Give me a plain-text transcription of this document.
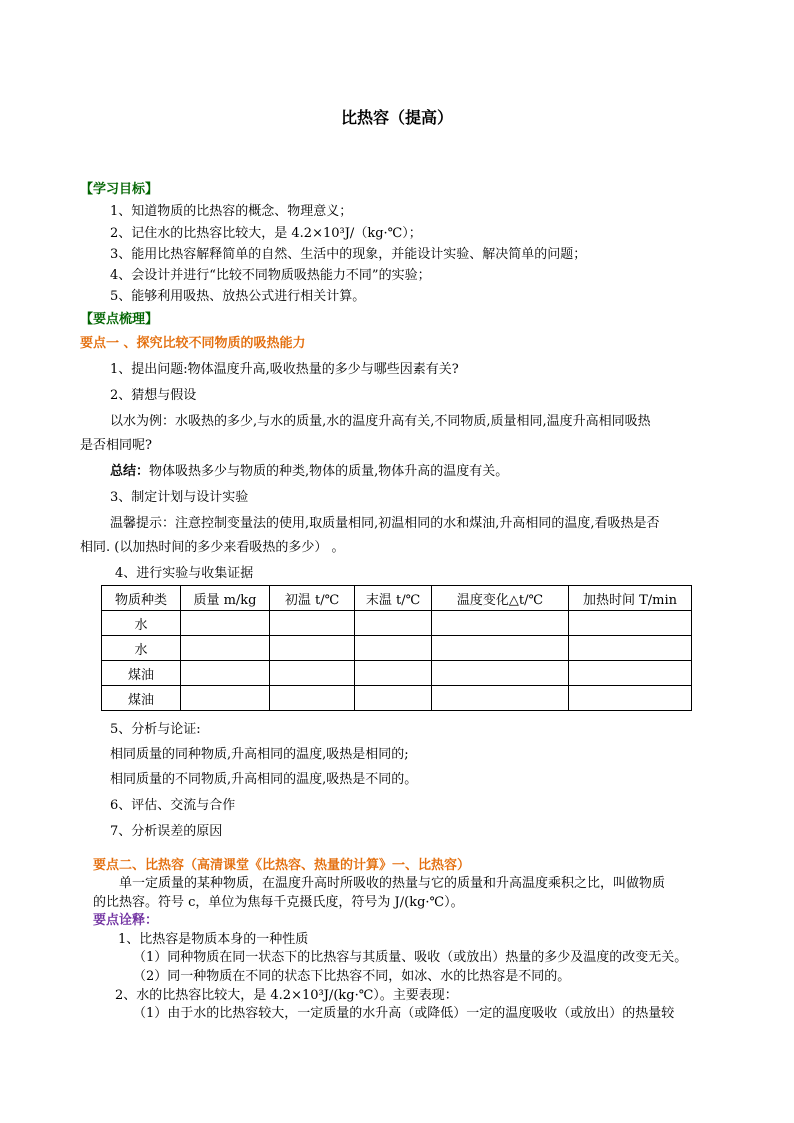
比热容（提高）
【学习目标】
1、知道物质的比热容的概念、物理意义；
2、记住水的比热容比较大，是 4.2×10³J/（kg·℃）；
3、能用比热容解释简单的自然、生活中的现象，并能设计实验、解决简单的问题；
4、会设计并进行“比较不同物质吸热能力不同”的实验；
5、能够利用吸热、放热公式进行相关计算。
【要点梳理】
要点一 、探究比较不同物质的吸热能力
1、提出问题:物体温度升高,吸收热量的多少与哪些因素有关?
2、猜想与假设
以水为例：水吸热的多少,与水的质量,水的温度升高有关,不同物质,质量相同,温度升高相同吸热
是否相同呢?
总结：物体吸热多少与物质的种类,物体的质量,物体升高的温度有关。
3、制定计划与设计实验
温馨提示：注意控制变量法的使用,取质量相同,初温相同的水和煤油,升高相同的温度,看吸热是否
相同. (以加热时间的多少来看吸热的多少） 。
4、进行实验与收集证据
物质种类	质量 m/kg	初温 t/℃	末温 t/℃	温度变化△t/℃	加热时间 T/min
水					
水					
煤油					
煤油					
5、分析与论证:
相同质量的同种物质,升高相同的温度,吸热是相同的;
相同质量的不同物质,升高相同的温度,吸热是不同的。
6、评估、交流与合作
7、分析误差的原因
要点二、比热容（高清课堂《比热容、热量的计算》一、比热容）
单一定质量的某种物质，在温度升高时所吸收的热量与它的质量和升高温度乘积之比，叫做物质
的比热容。符号 c，单位为焦每千克摄氏度，符号为 J/(kg·℃）。
要点诠释：
1、比热容是物质本身的一种性质
（1）同种物质在同一状态下的比热容与其质量、吸收（或放出）热量的多少及温度的改变无关。
（2）同一种物质在不同的状态下比热容不同，如冰、水的比热容是不同的。
2、水的比热容比较大，是 4.2×10³J/(kg·℃）。主要表现：
（1）由于水的比热容较大，一定质量的水升高（或降低）一定的温度吸收（或放出）的热量较
